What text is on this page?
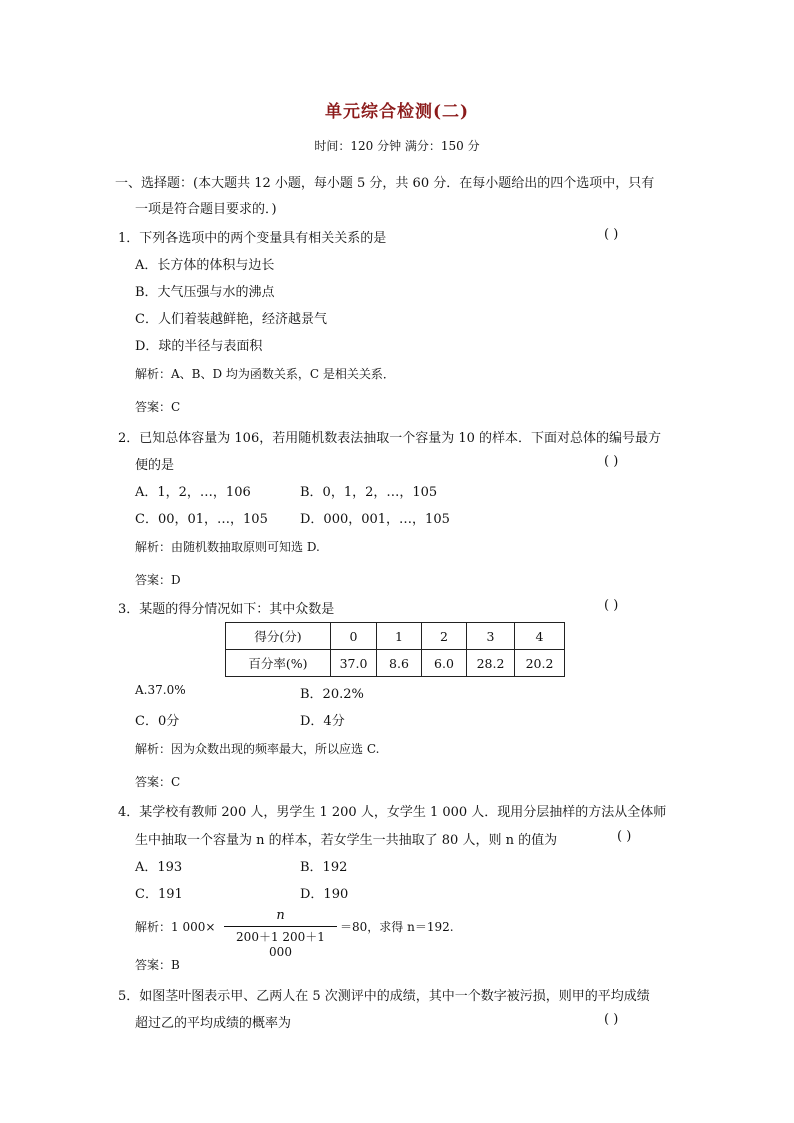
单元综合检测(二)
时间：120 分钟 满分：150 分
一、选择题：(本大题共 12 小题，每小题 5 分，共 60 分．在每小题给出的四个选项中，只有
一项是符合题目要求的．)
1．下列各选项中的两个变量具有相关关系的是	( )
A．长方体的体积与边长
B．大气压强与水的沸点
C．人们着装越鲜艳，经济越景气
D．球的半径与表面积
解析：A、B、D 均为函数关系，C 是相关关系．
答案：C
2．已知总体容量为 106，若用随机数表法抽取一个容量为 10 的样本．下面对总体的编号最方
便的是	( )
A．1，2，…，106	B．0，1，2，…，105
C．00，01，…，105 D．000，001，…，105
解析：由随机数抽取原则可知选 D.
答案：D
3．某题的得分情况如下：其中众数是	( )
得分(分)	0	1	2	3	4
百分率(%)	37.0	8.6	6.0	28.2	20.2
A.37.0%	B．20.2%
C．0分	D．4分
解析：因为众数出现的频率最大，所以应选 C.
答案：C
4．某学校有教师 200 人，男学生 1 200 人，女学生 1 000 人．现用分层抽样的方法从全体师
生中抽取一个容量为 n 的样本，若女学生一共抽取了 80 人，则 n 的值为	( )
A．193	B．192
C．191	D．190
解析：1 000×
n
200＋1 200＋1 000
＝80，求得 n＝192.
答案：B
5．如图茎叶图表示甲、乙两人在 5 次测评中的成绩，其中一个数字被污损，则甲的平均成绩
超过乙的平均成绩的概率为	( )
